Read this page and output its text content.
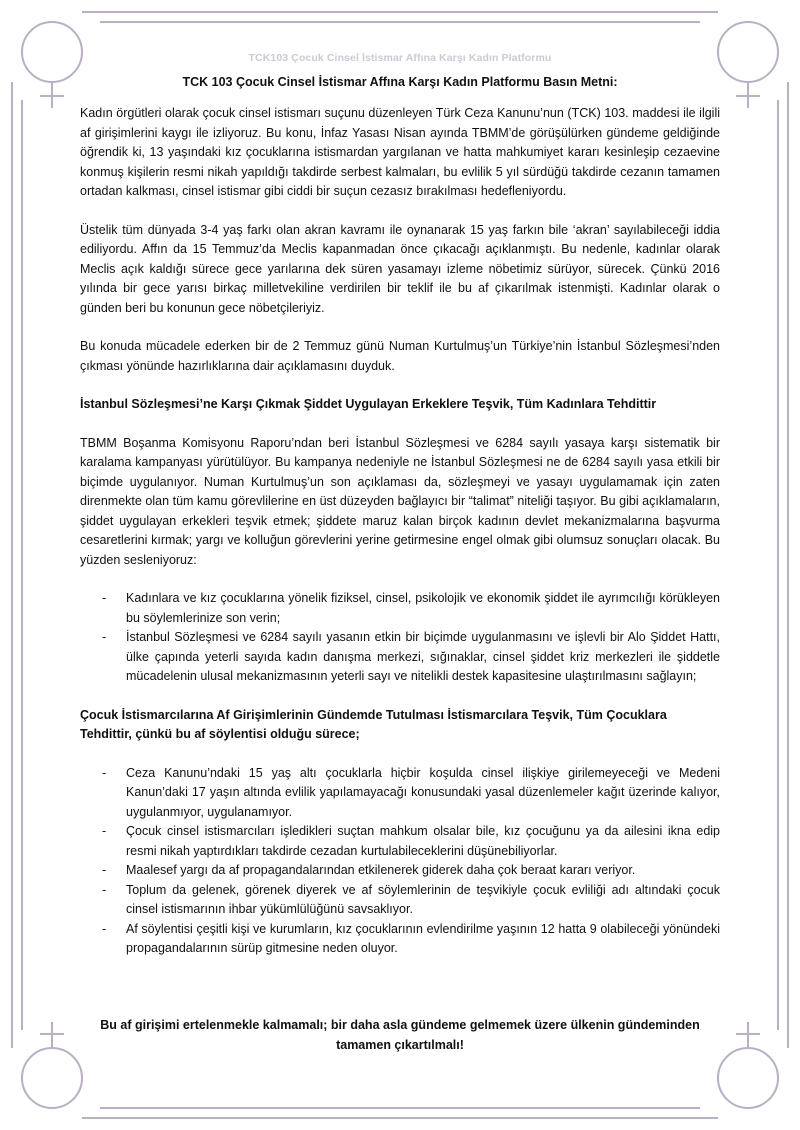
TCK103 Çocuk Cinsel İstismar Affına Karşı Kadın Platformu
TCK 103 Çocuk Cinsel İstismar Affına Karşı Kadın Platformu Basın Metni:

Kadın örgütleri olarak çocuk cinsel istismarı suçunu düzenleyen Türk Ceza Kanunu’nun (TCK) 103. maddesi ile ilgili af girişimlerini kaygı ile izliyoruz. Bu konu, İnfaz Yasası Nisan ayında TBMM’de görüşülürken gündeme geldiğinde öğrendik ki, 13 yaşındaki kız çocuklarına istismardan yargılanan ve hatta mahkumiyet kararı kesinleşip cezaevine konmuş kişilerin resmi nikah yapıldığı takdirde serbest kalmaları, bu evlilik 5 yıl sürdüğü takdirde cezanın tamamen ortadan kalkması, cinsel istismar gibi ciddi bir suçun cezasız bırakılması hedefleniyordu.

Üstelik tüm dünyada 3-4 yaş farkı olan akran kavramı ile oynanarak 15 yaş farkın bile ‘akran’ sayılabileceği iddia ediliyordu. Affın da 15 Temmuz’da Meclis kapanmadan önce çıkacağı açıklanmıştı. Bu nedenle, kadınlar olarak Meclis açık kaldığı sürece gece yarılarına dek süren yasamayı izleme nöbetimiz sürüyor, sürecek. Çünkü 2016 yılında bir gece yarısı birkaç milletvekiline verdirilen bir teklif ile bu af çıkarılmak istenmişti. Kadınlar olarak o günden beri bu konunun gece nöbetçileriyiz.

Bu konuda mücadele ederken bir de 2 Temmuz günü Numan Kurtulmuş’un Türkiye’nin İstanbul Sözleşmesi’nden çıkması yönünde hazırlıklarına dair açıklamasını duyduk.

İstanbul Sözleşmesi’ne Karşı Çıkmak Şiddet Uygulayan Erkeklere Teşvik, Tüm Kadınlara Tehdittir

TBMM Boşanma Komisyonu Raporu’ndan beri İstanbul Sözleşmesi ve 6284 sayılı yasaya karşı sistematik bir karalama kampanyası yürütülüyor. Bu kampanya nedeniyle ne İstanbul Sözleşmesi ne de 6284 sayılı yasa etkili bir biçimde uygulanıyor. Numan Kurtulmuş’un son açıklaması da, sözleşmeyi ve yasayı uygulamamak için zaten direnmekte olan tüm kamu görevlilerine en üst düzeyden bağlayıcı bir “talimat” niteliği taşıyor. Bu gibi açıklamaların, şiddet uygulayan erkekleri teşvik etmek; şiddete maruz kalan birçok kadının devlet mekanizmalarına başvurma cesaretlerini kırmak; yargı ve kolluğun görevlerini yerine getirmesine engel olmak gibi olumsuz sonuçları olacak. Bu yüzden sesleniyoruz:

- Kadınlara ve kız çocuklarına yönelik fiziksel, cinsel, psikolojik ve ekonomik şiddet ile ayrımcılığı körükleyen bu söylemlerinize son verin;
- İstanbul Sözleşmesi ve 6284 sayılı yasanın etkin bir biçimde uygulanmasını ve işlevli bir Alo Şiddet Hattı, ülke çapında yeterli sayıda kadın danışma merkezi, sığınaklar, cinsel şiddet kriz merkezleri ile şiddetle mücadelenin ulusal mekanizmasının yeterli sayı ve nitelikli destek kapasitesine ulaştırılmasını sağlayın;

Çocuk İstismarcılarına Af Girişimlerinin Gündemde Tutulması İstismarcılara Teşvik, Tüm Çocuklara Tehdittir, çünkü bu af söylentisi olduğu sürece;

- Ceza Kanunu’ndaki 15 yaş altı çocuklarla hiçbir koşulda cinsel ilişkiye girilemeyeceği ve Medeni Kanun’daki 17 yaşın altında evlilik yapılamayacağı konusundaki yasal düzenlemeler kağıt üzerinde kalıyor, uygulanmıyor, uygulanamıyor.
- Çocuk cinsel istismarcıları işledikleri suçtan mahkum olsalar bile, kız çocuğunu ya da ailesini ikna edip resmi nikah yaptırdıkları takdirde cezadan kurtulabileceklerini düşünebiliyorlar.
- Maalesef yargı da af propagandalarından etkilenerek giderek daha çok beraat kararı veriyor.
- Toplum da gelenek, görenek diyerek ve af söylemlerinin de teşvikiyle çocuk evliliği adı altındaki çocuk cinsel istismarının ihbar yükümlülüğünü savsaklıyor.
- Af söylentisi çeşitli kişi ve kurumların, kız çocuklarının evlendirilme yaşının 12 hatta 9 olabileceği yönündeki propagandalarının sürüp gitmesine neden oluyor.

Bu af girişimi ertelenmekle kalmamalı; bir daha asla gündeme gelmemek üzere ülkenin gündeminden tamamen çıkartılmalı!
